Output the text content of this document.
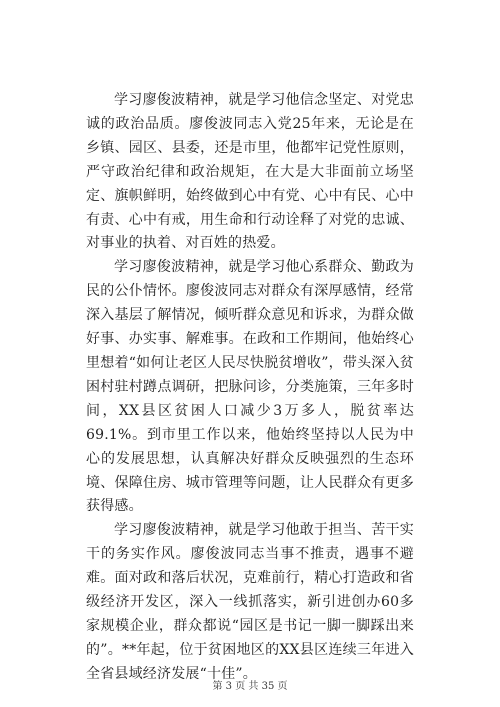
学习廖俊波精神，就是学习他信念坚定、对党忠诚的政治品质。廖俊波同志入党25年来，无论是在乡镇、园区、县委，还是市里，他都牢记党性原则，严守政治纪律和政治规矩，在大是大非面前立场坚定、旗帜鲜明，始终做到心中有党、心中有民、心中有责、心中有戒，用生命和行动诠释了对党的忠诚、对事业的执着、对百姓的热爱。

学习廖俊波精神，就是学习他心系群众、勤政为民的公仆情怀。廖俊波同志对群众有深厚感情，经常深入基层了解情况，倾听群众意见和诉求，为群众做好事、办实事、解难事。在政和工作期间，他始终心里想着“如何让老区人民尽快脱贫增收”，带头深入贫困村驻村蹲点调研，把脉问诊，分类施策，三年多时间，XX县区贫困人口减少3万多人，脱贫率达69.1%。到市里工作以来，他始终坚持以人民为中心的发展思想，认真解决好群众反映强烈的生态环境、保障住房、城市管理等问题，让人民群众有更多获得感。

学习廖俊波精神，就是学习他敢于担当、苦干实干的务实作风。廖俊波同志当事不推责，遇事不避难。面对政和落后状况，克难前行，精心打造政和省级经济开发区，深入一线抓落实，新引进创办60多家规模企业，群众都说“园区是书记一脚一脚踩出来的”。**年起，位于贫困地区的XX县区连续三年进入全省县域经济发展“十佳”。

第 3 页 共 35 页
